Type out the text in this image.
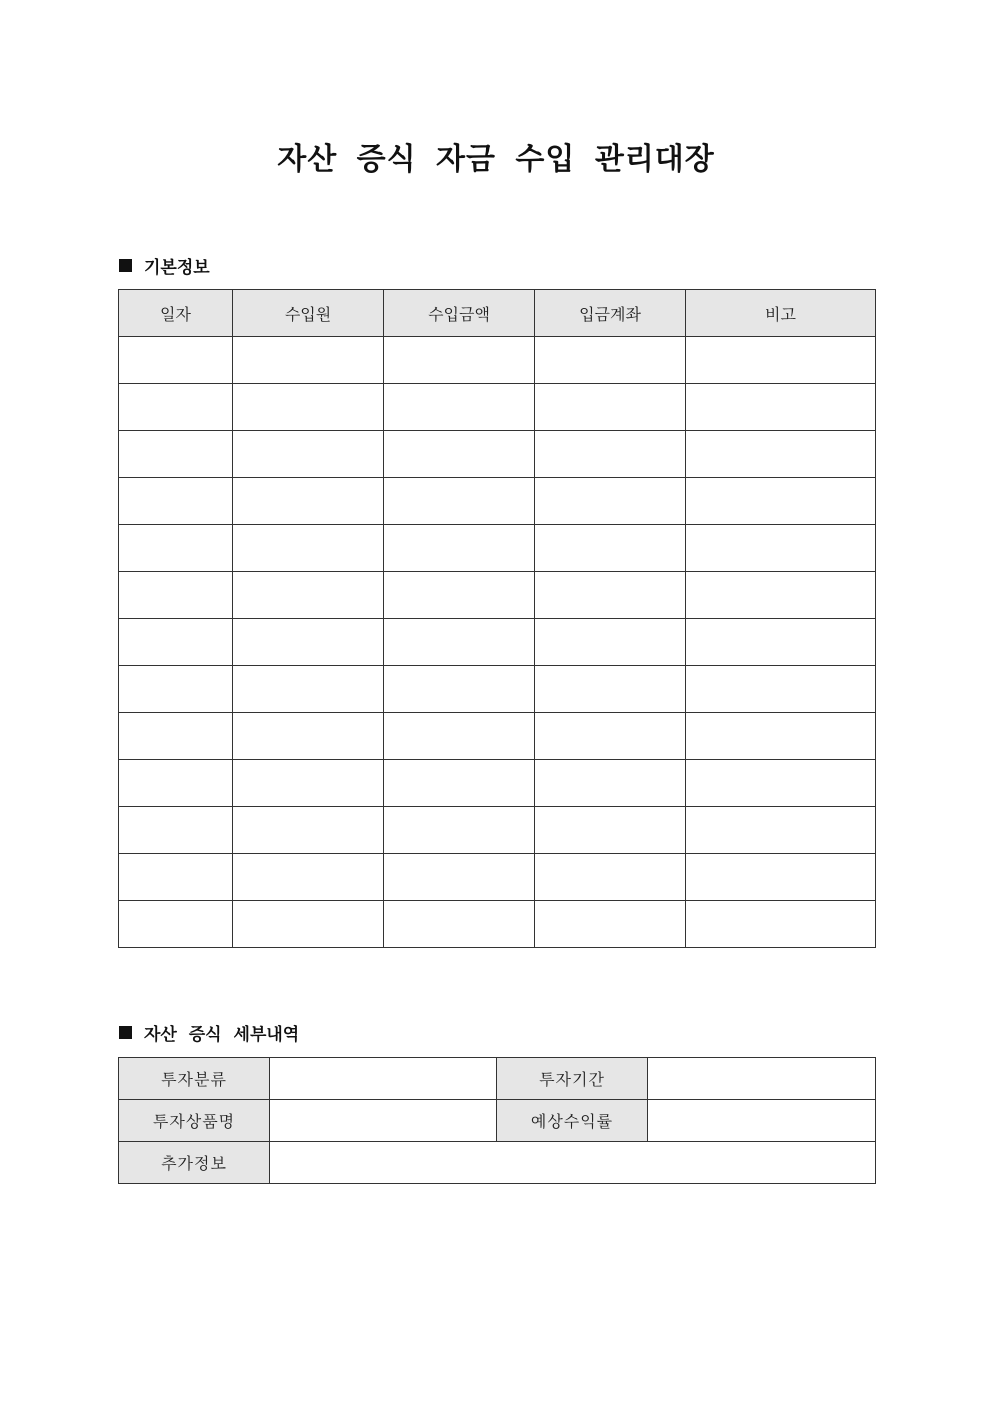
자산 증식 자금 수입 관리대장
기본정보
일자	수입원	수입금액	입금계좌	비고

자산 증식 세부내역
투자분류		투자기간	
투자상품명		예상수익률	
추가정보			
